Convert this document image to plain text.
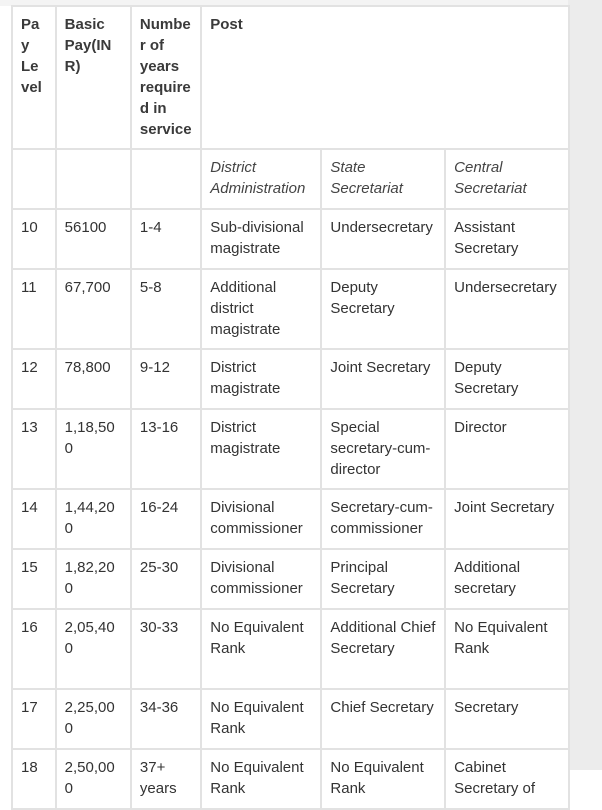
Pay Level	Basic Pay(INR)	Number of years required in service	Post		
			District Administration	State Secretariat	Central Secretariat
10	56100	1-4	Sub-divisional magistrate	Undersecretary	Assistant Secretary
11	67,700	5-8	Additional district magistrate	Deputy Secretary	Undersecretary
12	78,800	9-12	District magistrate	Joint Secretary	Deputy Secretary
13	1,18,500	13-16	District magistrate	Special secretary-cum-director	Director
14	1,44,200	16-24	Divisional commissioner	Secretary-cum-commissioner	Joint Secretary
15	1,82,200	25-30	Divisional commissioner	Principal Secretary	Additional secretary
16	2,05,400	30-33	No Equivalent Rank	Additional Chief Secretary	No Equivalent Rank
17	2,25,000	34-36	No Equivalent Rank	Chief Secretary	Secretary
18	2,50,000	37+ years	No Equivalent Rank	No Equivalent Rank	Cabinet Secretary of
